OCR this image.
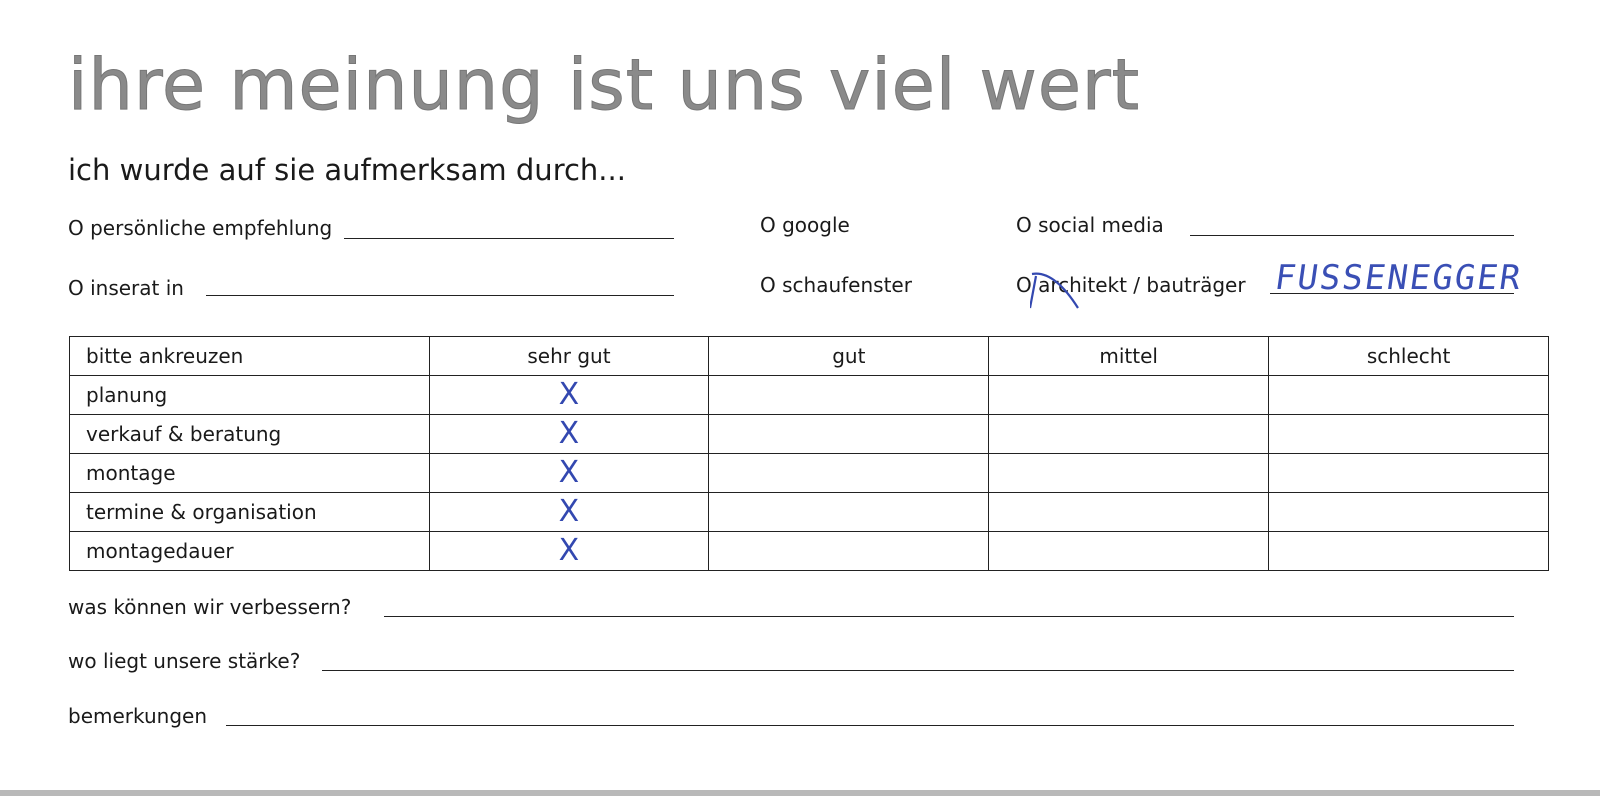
ihre meinung ist uns viel wert
ich wurde auf sie aufmerksam durch...
O persönliche empfehlung	O google	O social media
O inserat in	O schaufenster	O architekt / bauträger FUSSENEGGER
bitte ankreuzen	sehr gut	gut	mittel	schlecht
planung	X			
verkauf & beratung	X			
montage	X			
termine & organisation	X			
montagedauer	X			
was können wir verbessern?
wo liegt unsere stärke?
bemerkungen
